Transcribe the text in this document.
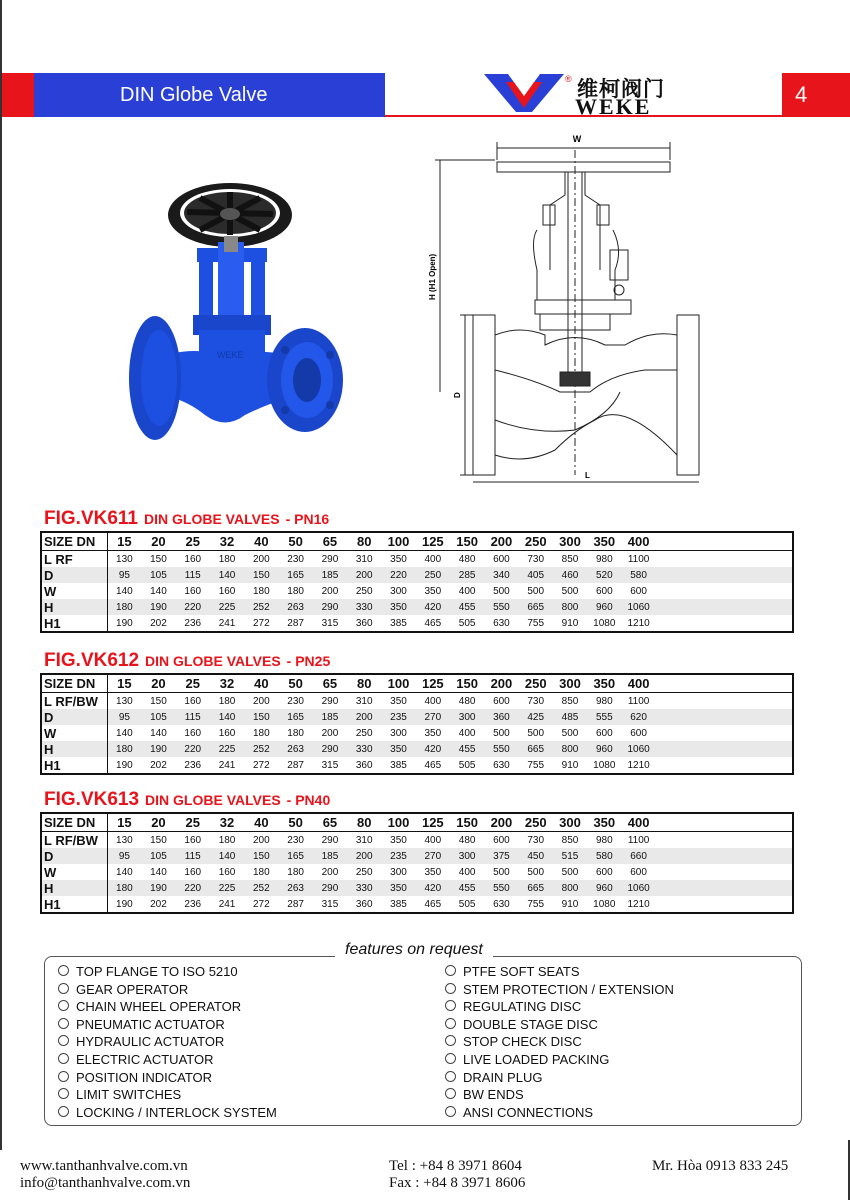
DIN Globe Valve
® 维柯阀门
WEKE	4
WEKE
W
H (H1 Open)
D
L
FIG.VK611 DIN GLOBE VALVES - PN16
SIZE DN	15	20	25	32	40	50	65	80	100	125	150	200	250	300	350	400	
L RF	130	150	160	180	200	230	290	310	350	400	480	600	730	850	980	1100	
D	95	105	115	140	150	165	185	200	220	250	285	340	405	460	520	580	
W	140	140	160	160	180	180	200	250	300	350	400	500	500	500	600	600	
H	180	190	220	225	252	263	290	330	350	420	455	550	665	800	960	1060	
H1	190	202	236	241	272	287	315	360	385	465	505	630	755	910	1080	1210	
FIG.VK612 DIN GLOBE VALVES - PN25
SIZE DN	15	20	25	32	40	50	65	80	100	125	150	200	250	300	350	400	
L RF/BW	130	150	160	180	200	230	290	310	350	400	480	600	730	850	980	1100	
D	95	105	115	140	150	165	185	200	235	270	300	360	425	485	555	620	
W	140	140	160	160	180	180	200	250	300	350	400	500	500	500	600	600	
H	180	190	220	225	252	263	290	330	350	420	455	550	665	800	960	1060	
H1	190	202	236	241	272	287	315	360	385	465	505	630	755	910	1080	1210	
FIG.VK613 DIN GLOBE VALVES - PN40
SIZE DN	15	20	25	32	40	50	65	80	100	125	150	200	250	300	350	400	
L RF/BW	130	150	160	180	200	230	290	310	350	400	480	600	730	850	980	1100	
D	95	105	115	140	150	165	185	200	235	270	300	375	450	515	580	660	
W	140	140	160	160	180	180	200	250	300	350	400	500	500	500	600	600	
H	180	190	220	225	252	263	290	330	350	420	455	550	665	800	960	1060	
H1	190	202	236	241	272	287	315	360	385	465	505	630	755	910	1080	1210	
features on request
TOP FLANGE TO ISO 5210
GEAR OPERATOR
CHAIN WHEEL OPERATOR
PNEUMATIC ACTUATOR
HYDRAULIC ACTUATOR
ELECTRIC ACTUATOR
POSITION INDICATOR
LIMIT SWITCHES
LOCKING / INTERLOCK SYSTEM
PTFE SOFT SEATS
STEM PROTECTION / EXTENSION
REGULATING DISC
DOUBLE STAGE DISC
STOP CHECK DISC
LIVE LOADED PACKING
DRAIN PLUG
BW ENDS
ANSI CONNECTIONS
www.tanthanhvalve.com.vn
info@tanthanhvalve.com.vn
Tel : +84 8 3971 8604
Fax : +84 8 3971 8606
Mr. Hòa 0913 833 245
